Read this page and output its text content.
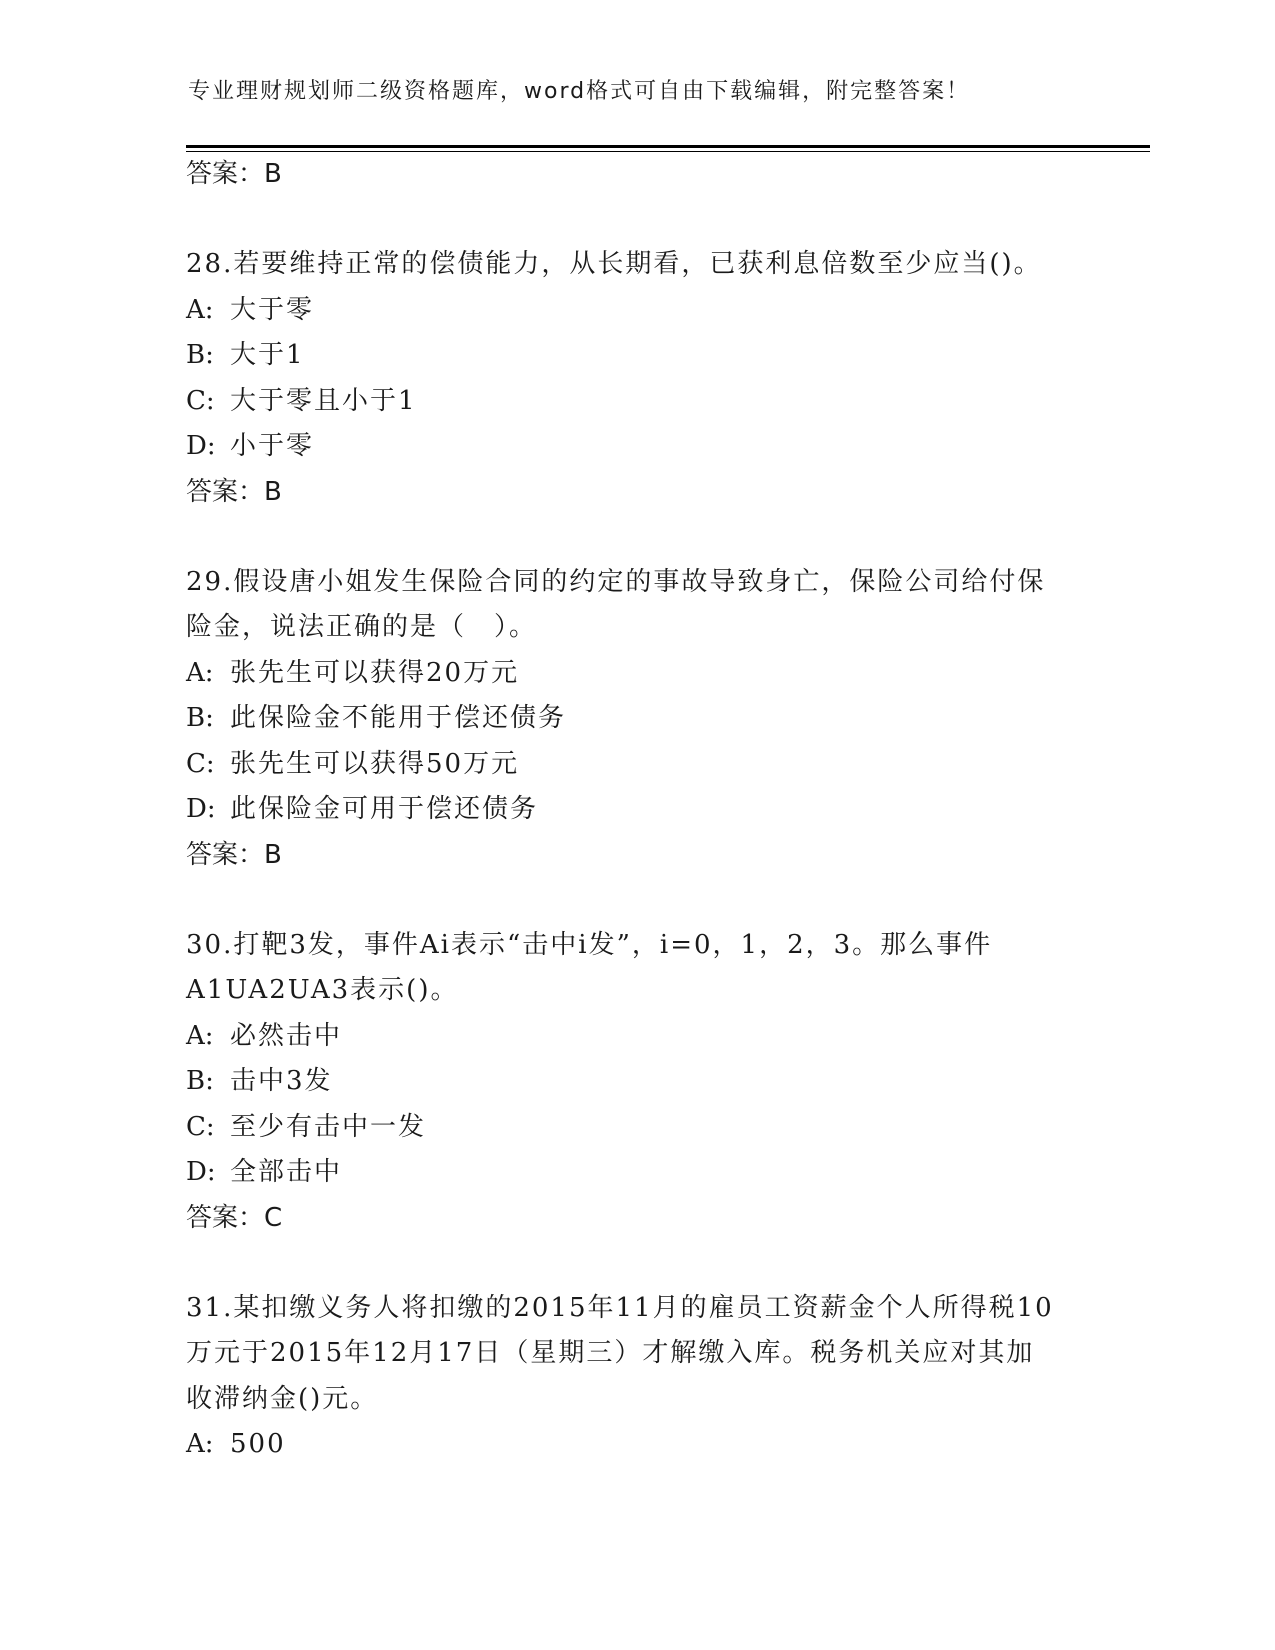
专业理财规划师二级资格题库，word格式可自由下载编辑，附完整答案！
答案：B
28.若要维持正常的偿债能力，从长期看，已获利息倍数至少应当()。
A: 大于零
B: 大于1
C: 大于零且小于1
D: 小于零
答案：B
29.假设唐小姐发生保险合同的约定的事故导致身亡，保险公司给付保
险金，说法正确的是（　）。
A: 张先生可以获得20万元
B: 此保险金不能用于偿还债务
C: 张先生可以获得50万元
D: 此保险金可用于偿还债务
答案：B
30.打靶3发，事件Ai表示“击中i发”，i=0，1，2，3。那么事件
A1UA2UA3表示()。
A: 必然击中
B: 击中3发
C: 至少有击中一发
D: 全部击中
答案：C
31.某扣缴义务人将扣缴的2015年11月的雇员工资薪金个人所得税10
万元于2015年12月17日（星期三）才解缴入库。税务机关应对其加
收滞纳金()元。
A: 500
